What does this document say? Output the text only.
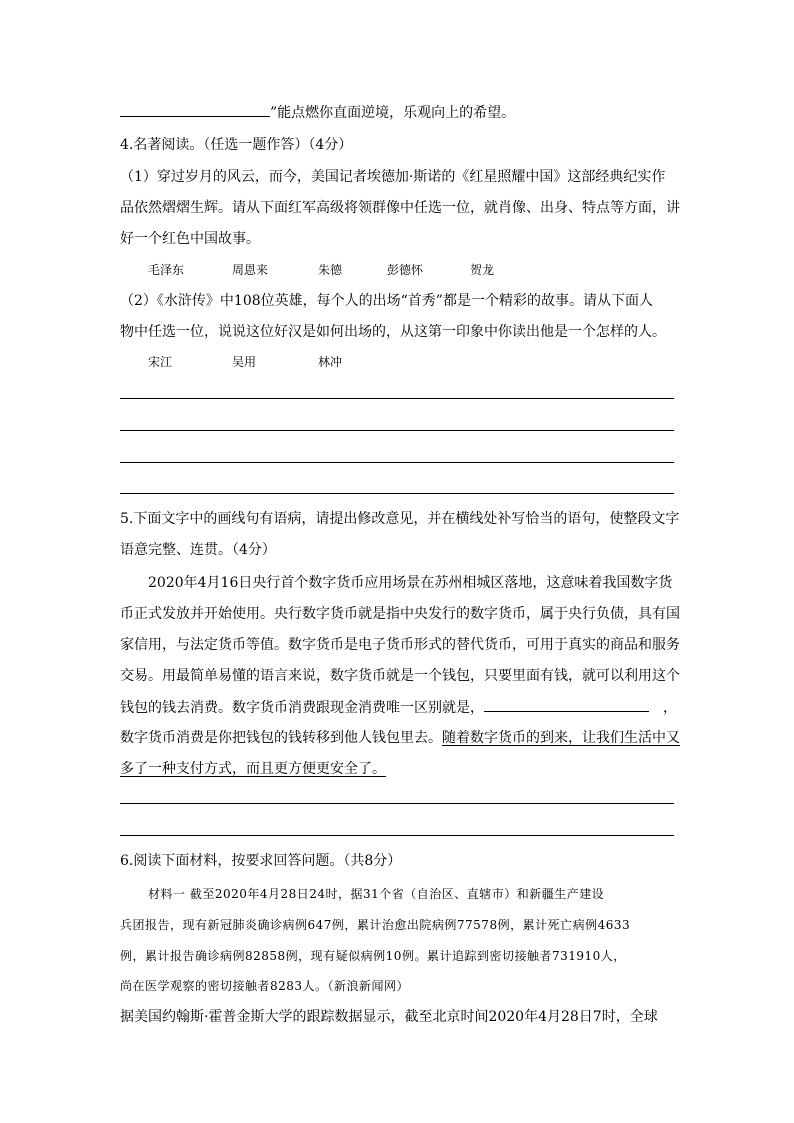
”能点燃你直面逆境，乐观向上的希望。
4.名著阅读。（任选一题作答）（4分）
（1）穿过岁月的风云，而今，美国记者埃德加·斯诺的《红星照耀中国》这部经典纪实作
品依然熠熠生辉。请从下面红军高级将领群像中任选一位，就肖像、出身、特点等方面，讲
好一个红色中国故事。
毛泽东	周恩来	朱德	彭德怀	贺龙
（2）《水浒传》中108位英雄，每个人的出场“首秀”都是一个精彩的故事。请从下面人
物中任选一位，说说这位好汉是如何出场的，从这第一印象中你读出他是一个怎样的人。
宋江	吴用	林冲
5.下面文字中的画线句有语病，请提出修改意见，并在横线处补写恰当的语句，使整段文字
语意完整、连贯。（4分）
2020年4月16日央行首个数字货币应用场景在苏州相城区落地，这意味着我国数字货
币正式发放并开始使用。央行数字货币就是指中央发行的数字货币，属于央行负债，具有国
家信用，与法定货币等值。数字货币是电子货币形式的替代货币，可用于真实的商品和服务
交易。用最简单易懂的语言来说，数字货币就是一个钱包，只要里面有钱，就可以利用这个
钱包的钱去消费。数字货币消费跟现金消费唯一区别就是，	，
数字货币消费是你把钱包的钱转移到他人钱包里去。随着数字货币的到来，让我们生活中又
多了一种支付方式，而且更方便更安全了。
6.阅读下面材料，按要求回答问题。（共8分）
材料一 截至2020年4月28日24时，据31个省（自治区、直辖市）和新疆生产建设
兵团报告，现有新冠肺炎确诊病例647例，累计治愈出院病例77578例，累计死亡病例4633
例，累计报告确诊病例82858例，现有疑似病例10例。累计追踪到密切接触者731910人，
尚在医学观察的密切接触者8283人。（新浪新闻网）
据美国约翰斯·霍普金斯大学的跟踪数据显示，截至北京时间2020年4月28日7时，全球
